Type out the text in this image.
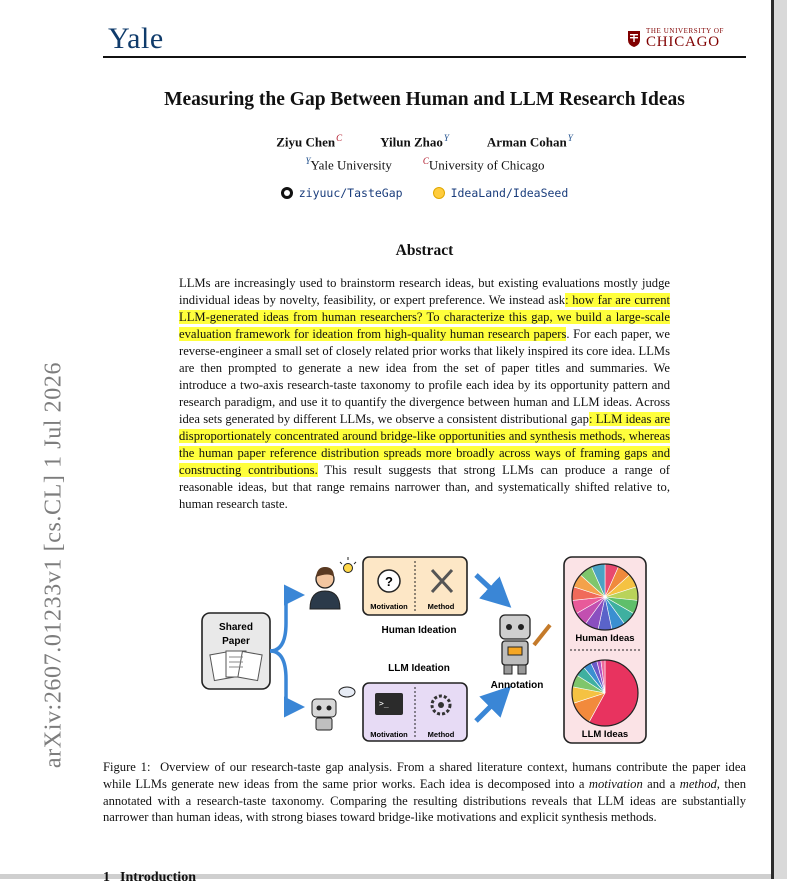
Yale	THE UNIVERSITY OF
CHICAGO
Measuring the Gap Between Human and LLM Research Ideas
Ziyu Chen$^C$	Yilun Zhao$^Y$	Arman Cohan$^Y$
$^Y$Yale University	$^C$University of Chicago
ziyuuc/TasteGap	IdeaLand/IdeaSeed
Abstract
LLMs are increasingly used to brainstorm research ideas, but existing evaluations mostly judge individual ideas by novelty, feasibility, or expert preference. We instead ask: how far are current LLM-generated ideas from human researchers? To characterize this gap, we build a large-scale evaluation framework for ideation from high-quality human research papers. For each paper, we reverse-engineer a small set of closely related prior works that likely inspired its core idea. LLMs are then prompted to generate a new idea from the set of paper titles and summaries. We introduce a two-axis research-taste taxonomy to profile each idea by its opportunity pattern and research paradigm, and use it to quantify the divergence between human and LLM ideas. Across idea sets generated by different LLMs, we observe a consistent distributional gap: LLM ideas are disproportionately concentrated around bridge-like opportunities and synthesis methods, whereas the human paper reference distribution spreads more broadly across ways of framing gaps and constructing contributions. This result suggests that strong LLMs can produce a range of reasonable ideas, but that range remains narrower than, and systematically shifted relative to, human research taste.
arXiv:2607.01233v1 [cs.CL] 1 Jul 2026	Shared
Paper
?
Motivation	Method
Human Ideation
LLM Ideation
>_
Motivation	Method
Annotation
Human Ideas
LLM Ideas
Figure 1: Overview of our research-taste gap analysis. From a shared literature context, humans contribute the paper idea while LLMs generate new ideas from the same prior works. Each idea is decomposed into a motivation and a method, then annotated with a research-taste taxonomy. Comparing the resulting distributions reveals that LLM ideas are substantially narrower than human ideas, with strong biases toward bridge-like motivations and explicit synthesis methods.
1 Introduction
